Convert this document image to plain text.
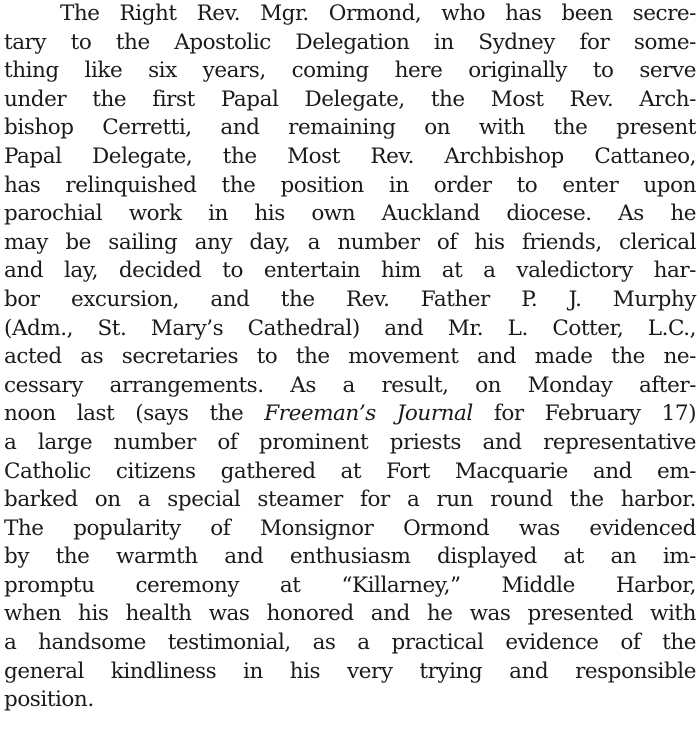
The Right Rev. Mgr. Ormond, who has been secre-
tary to the Apostolic Delegation in Sydney for some-
thing like six years, coming here originally to serve
under the first Papal Delegate, the Most Rev. Arch-
bishop Cerretti, and remaining on with the present
Papal Delegate, the Most Rev. Archbishop Cattaneo,
has relinquished the position in order to enter upon
parochial work in his own Auckland diocese. As he
may be sailing any day, a number of his friends, clerical
and lay, decided to entertain him at a valedictory har-
bor excursion, and the Rev. Father P. J. Murphy
(Adm., St. Mary’s Cathedral) and Mr. L. Cotter, L.C.,
acted as secretaries to the movement and made the ne-
cessary arrangements. As a result, on Monday after-
noon last (says the Freeman’s Journal for February 17)
a large number of prominent priests and representative
Catholic citizens gathered at Fort Macquarie and em-
barked on a special steamer for a run round the harbor.
The popularity of Monsignor Ormond was evidenced
by the warmth and enthusiasm displayed at an im-
promptu ceremony at “Killarney,” Middle Harbor,
when his health was honored and he was presented with
a handsome testimonial, as a practical evidence of the
general kindliness in his very trying and responsible
position.
